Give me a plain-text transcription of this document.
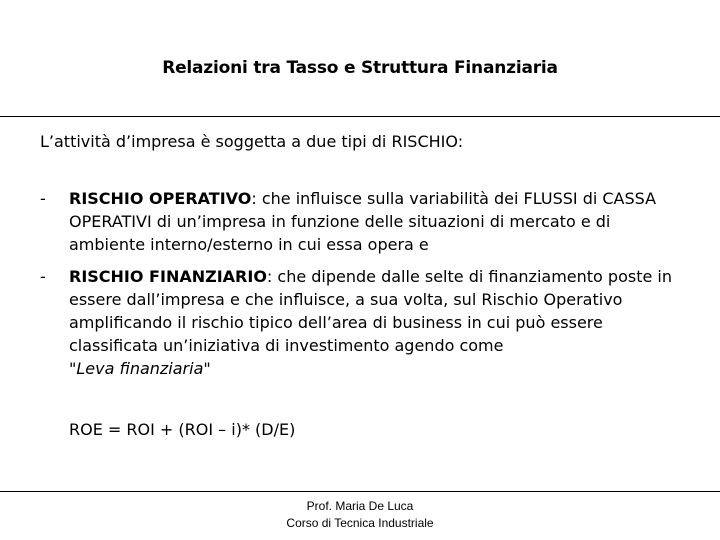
Relazioni tra Tasso e Struttura Finanziaria
L’attività d’impresa è soggetta a due tipi di RISCHIO:
- RISCHIO OPERATIVO: che influisce sulla variabilità dei FLUSSI di CASSA OPERATIVI di un’impresa in funzione delle situazioni di mercato e di ambiente interno/esterno in cui essa opera e
- RISCHIO FINANZIARIO: che dipende dalle selte di finanziamento poste in essere dall’impresa e che influisce, a sua volta, sul Rischio Operativo amplificando il rischio tipico dell’area di business in cui può essere classificata un’iniziativa di investimento agendo come
"Leva finanziaria"
ROE = ROI + (ROI – i)* (D/E)
Prof. Maria De Luca
Corso di Tecnica Industriale
